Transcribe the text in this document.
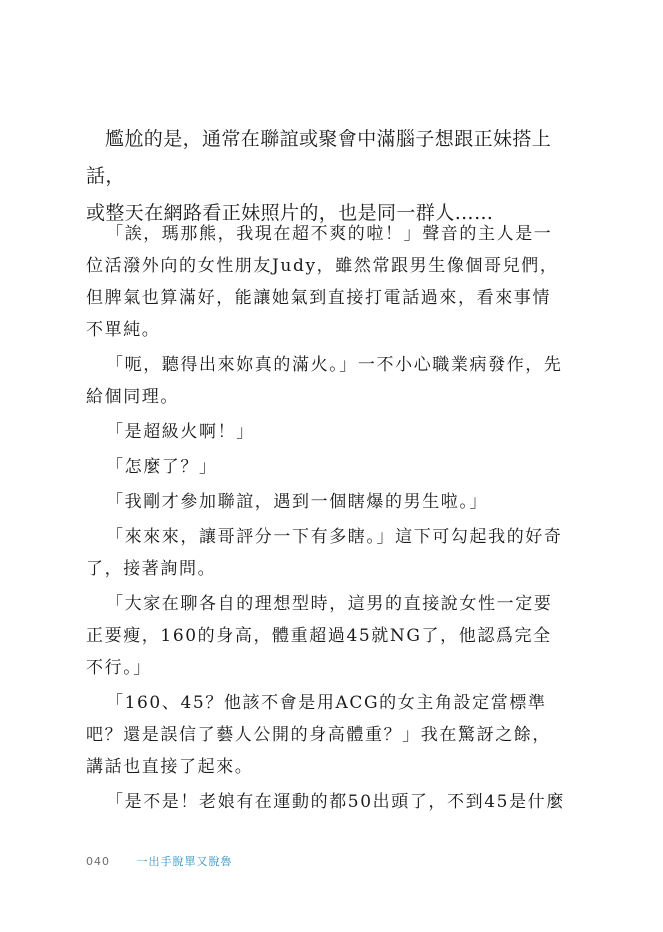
尷尬的是，通常在聯誼或聚會中滿腦子想跟正妹搭上話，

或整天在網路看正妹照片的，也是同一群人……

「誒，瑪那熊，我現在超不爽的啦！」聲音的主人是一位活潑外向的女性朋友Judy，雖然常跟男生像個哥兒們，但脾氣也算滿好，能讓她氣到直接打電話過來，看來事情不單純。

「呃，聽得出來妳真的滿火。」一不小心職業病發作，先給個同理。

「是超級火啊！」

「怎麼了？」

「我剛才參加聯誼，遇到一個瞎爆的男生啦。」

「來來來，讓哥評分一下有多瞎。」這下可勾起我的好奇了，接著詢問。

「大家在聊各自的理想型時，這男的直接說女性一定要正要瘦，160的身高，體重超過45就NG了，他認爲完全不行。」

「160、45？他該不會是用ACG的女主角設定當標準吧？還是誤信了藝人公開的身高體重？」我在驚訝之餘，講話也直接了起來。

「是不是！老娘有在運動的都50出頭了，不到45是什麼

040 一出手脫單又脫魯
